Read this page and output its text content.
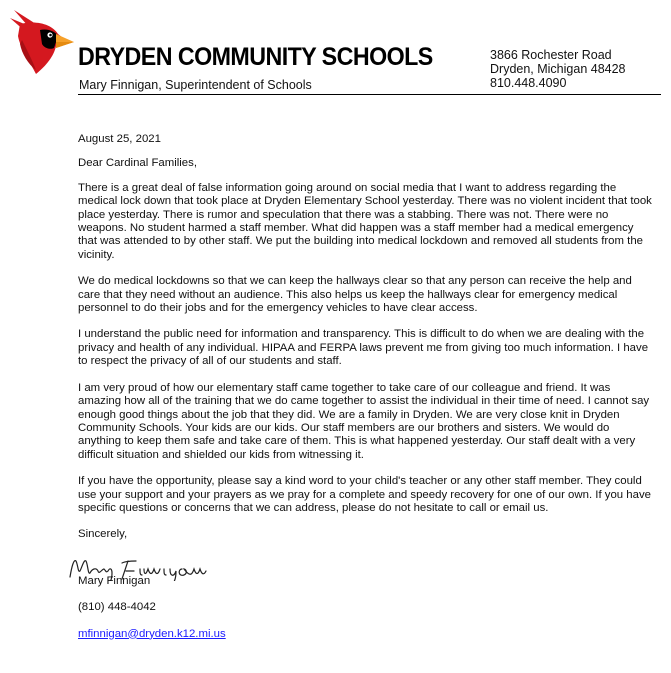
DRYDEN COMMUNITY SCHOOLS
Mary Finnigan, Superintendent of Schools
3866 Rochester Road
Dryden, Michigan 48428
810.448.4090

August 25, 2021

Dear Cardinal Families,

There is a great deal of false information going around on social media that I want to address regarding the medical lock down that took place at Dryden Elementary School yesterday. There was no violent incident that took place yesterday. There is rumor and speculation that there was a stabbing. There was not. There were no weapons. No student harmed a staff member. What did happen was a staff member had a medical emergency that was attended to by other staff. We put the building into medical lockdown and removed all students from the vicinity.

We do medical lockdowns so that we can keep the hallways clear so that any person can receive the help and care that they need without an audience. This also helps us keep the hallways clear for emergency medical personnel to do their jobs and for the emergency vehicles to have clear access.

I understand the public need for information and transparency. This is difficult to do when we are dealing with the privacy and health of any individual. HIPAA and FERPA laws prevent me from giving too much information. I have to respect the privacy of all of our students and staff.

I am very proud of how our elementary staff came together to take care of our colleague and friend. It was amazing how all of the training that we do came together to assist the individual in their time of need. I cannot say enough good things about the job that they did. We are a family in Dryden. We are very close knit in Dryden Community Schools. Your kids are our kids. Our staff members are our brothers and sisters. We would do anything to keep them safe and take care of them. This is what happened yesterday. Our staff dealt with a very difficult situation and shielded our kids from witnessing it.

If you have the opportunity, please say a kind word to your child's teacher or any other staff member. They could use your support and your prayers as we pray for a complete and speedy recovery for one of our own. If you have specific questions or concerns that we can address, please do not hesitate to call or email us.

Sincerely,

Mary Finnigan

(810) 448-4042

mfinnigan@dryden.k12.mi.us
